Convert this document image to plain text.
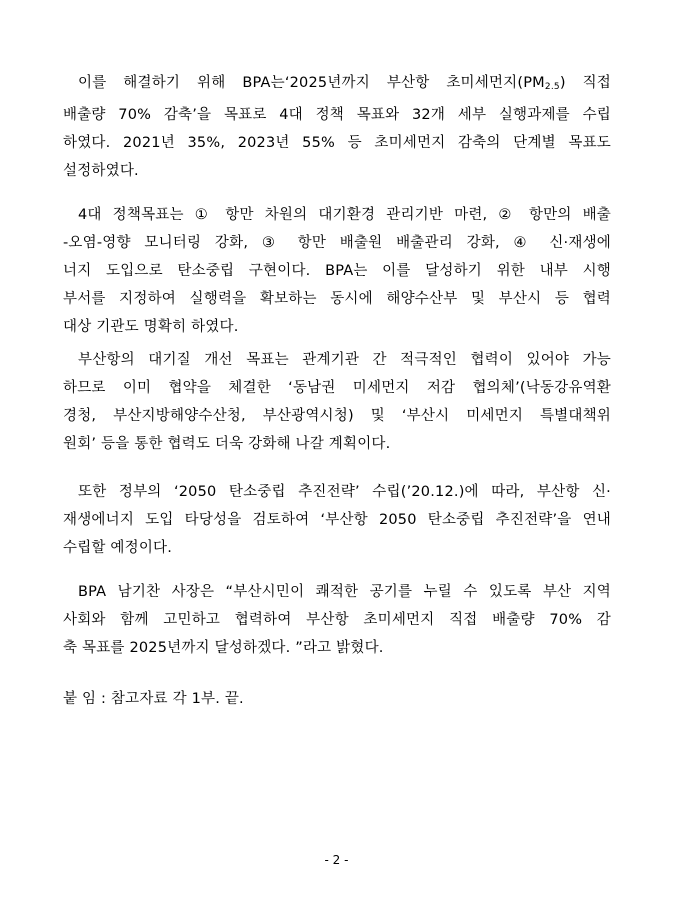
이를 해결하기 위해 BPA는‘2025년까지 부산항 초미세먼지$(PM_{2.5})$ 직접
배출량 70% 감축’을 목표로 4대 정책 목표와 32개 세부 실행과제를 수립
하였다. 2021년 35%, 2023년 55% 등 초미세먼지 감축의 단계별 목표도
설정하였다.
4대 정책목표는 ① 항만 차원의 대기환경 관리기반 마련, ② 항만의 배출
-오염-영향 모니터링 강화, ③ 항만 배출원 배출관리 강화, ④ 신·재생에
너지 도입으로 탄소중립 구현이다. BPA는 이를 달성하기 위한 내부 시행
부서를 지정하여 실행력을 확보하는 동시에 해양수산부 및 부산시 등 협력
대상 기관도 명확히 하였다.
부산항의 대기질 개선 목표는 관계기관 간 적극적인 협력이 있어야 가능
하므로 이미 협약을 체결한 ‘동남권 미세먼지 저감 협의체’(낙동강유역환
경청, 부산지방해양수산청, 부산광역시청) 및 ‘부산시 미세먼지 특별대책위
원회’ 등을 통한 협력도 더욱 강화해 나갈 계획이다.
또한 정부의 ‘2050 탄소중립 추진전략’ 수립(’20.12.)에 따라, 부산항 신·
재생에너지 도입 타당성을 검토하여 ‘부산항 2050 탄소중립 추진전략’을 연내
수립할 예정이다.
BPA 남기찬 사장은 “부산시민이 쾌적한 공기를 누릴 수 있도록 부산 지역
사회와 함께 고민하고 협력하여 부산항 초미세먼지 직접 배출량 70% 감
축 목표를 2025년까지 달성하겠다. ”라고 밝혔다.
붙 임 : 참고자료 각 1부. 끝.
- 2 -
